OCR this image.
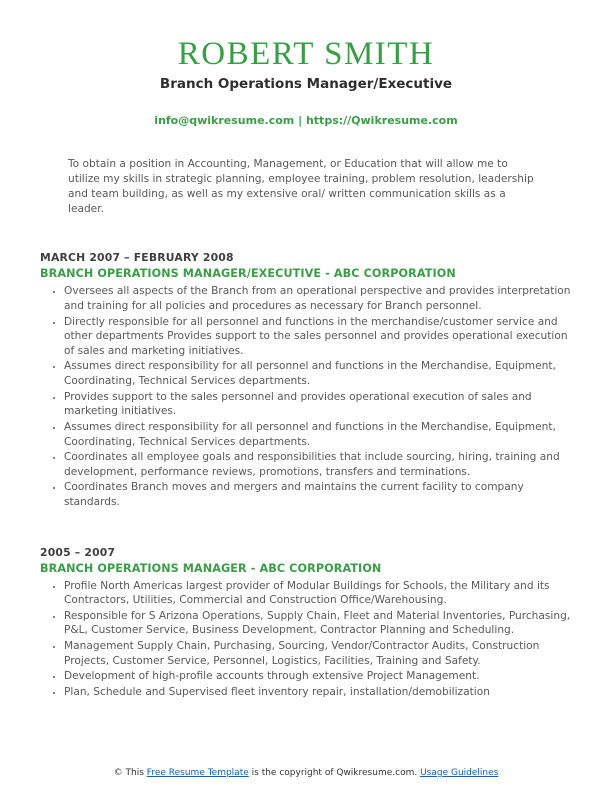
ROBERT SMITH
Branch Operations Manager/Executive
info@qwikresume.com | https://Qwikresume.com

To obtain a position in Accounting, Management, or Education that will allow me to utilize my skills in strategic planning, employee training, problem resolution, leadership and team building, as well as my extensive oral/ written communication skills as a leader.

MARCH 2007 – FEBRUARY 2008
BRANCH OPERATIONS MANAGER/EXECUTIVE - ABC CORPORATION
• Oversees all aspects of the Branch from an operational perspective and provides interpretation and training for all policies and procedures as necessary for Branch personnel.
• Directly responsible for all personnel and functions in the merchandise/customer service and other departments Provides support to the sales personnel and provides operational execution of sales and marketing initiatives.
• Assumes direct responsibility for all personnel and functions in the Merchandise, Equipment, Coordinating, Technical Services departments.
• Provides support to the sales personnel and provides operational execution of sales and marketing initiatives.
• Assumes direct responsibility for all personnel and functions in the Merchandise, Equipment, Coordinating, Technical Services departments.
• Coordinates all employee goals and responsibilities that include sourcing, hiring, training and development, performance reviews, promotions, transfers and terminations.
• Coordinates Branch moves and mergers and maintains the current facility to company standards.
2005 – 2007
BRANCH OPERATIONS MANAGER - ABC CORPORATION
• Profile North Americas largest provider of Modular Buildings for Schools, the Military and its Contractors, Utilities, Commercial and Construction Office/Warehousing.
• Responsible for S Arizona Operations, Supply Chain, Fleet and Material Inventories, Purchasing, P&L, Customer Service, Business Development, Contractor Planning and Scheduling.
• Management Supply Chain, Purchasing, Sourcing, Vendor/Contractor Audits, Construction Projects, Customer Service, Personnel, Logistics, Facilities, Training and Safety.
• Development of high-profile accounts through extensive Project Management.
• Plan, Schedule and Supervised fleet inventory repair, installation/demobilization
© This Free Resume Template is the copyright of Qwikresume.com. Usage Guidelines
